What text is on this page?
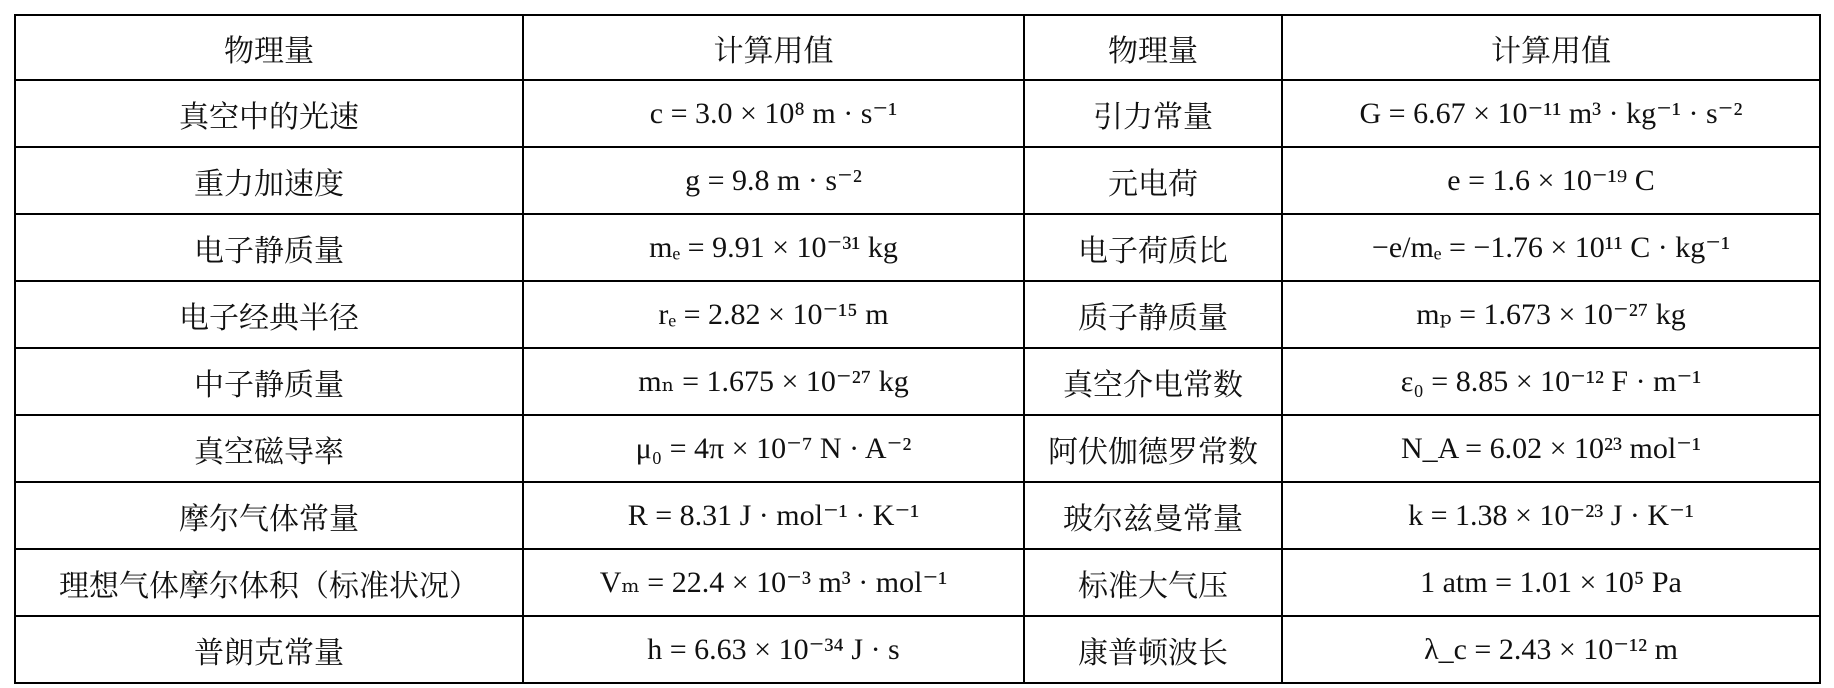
物理量	计算用值	物理量	计算用值
真空中的光速	c = 3.0 × 10⁸ m · s⁻¹	引力常量	G = 6.67 × 10⁻¹¹ m³ · kg⁻¹ · s⁻²
重力加速度	g = 9.8 m · s⁻²	元电荷	e = 1.6 × 10⁻¹⁹ C
电子静质量	mₑ = 9.91 × 10⁻³¹ kg	电子荷质比	−e/mₑ = −1.76 × 10¹¹ C · kg⁻¹
电子经典半径	rₑ = 2.82 × 10⁻¹⁵ m	质子静质量	mₚ = 1.673 × 10⁻²⁷ kg
中子静质量	mₙ = 1.675 × 10⁻²⁷ kg	真空介电常数	ε₀ = 8.85 × 10⁻¹² F · m⁻¹
真空磁导率	μ₀ = 4π × 10⁻⁷ N · A⁻²	阿伏伽德罗常数	N_A = 6.02 × 10²³ mol⁻¹
摩尔气体常量	R = 8.31 J · mol⁻¹ · K⁻¹	玻尔兹曼常量	k = 1.38 × 10⁻²³ J · K⁻¹
理想气体摩尔体积（标准状况）	Vₘ = 22.4 × 10⁻³ m³ · mol⁻¹	标准大气压	1 atm = 1.01 × 10⁵ Pa
普朗克常量	h = 6.63 × 10⁻³⁴ J · s	康普顿波长	λ_c = 2.43 × 10⁻¹² m
